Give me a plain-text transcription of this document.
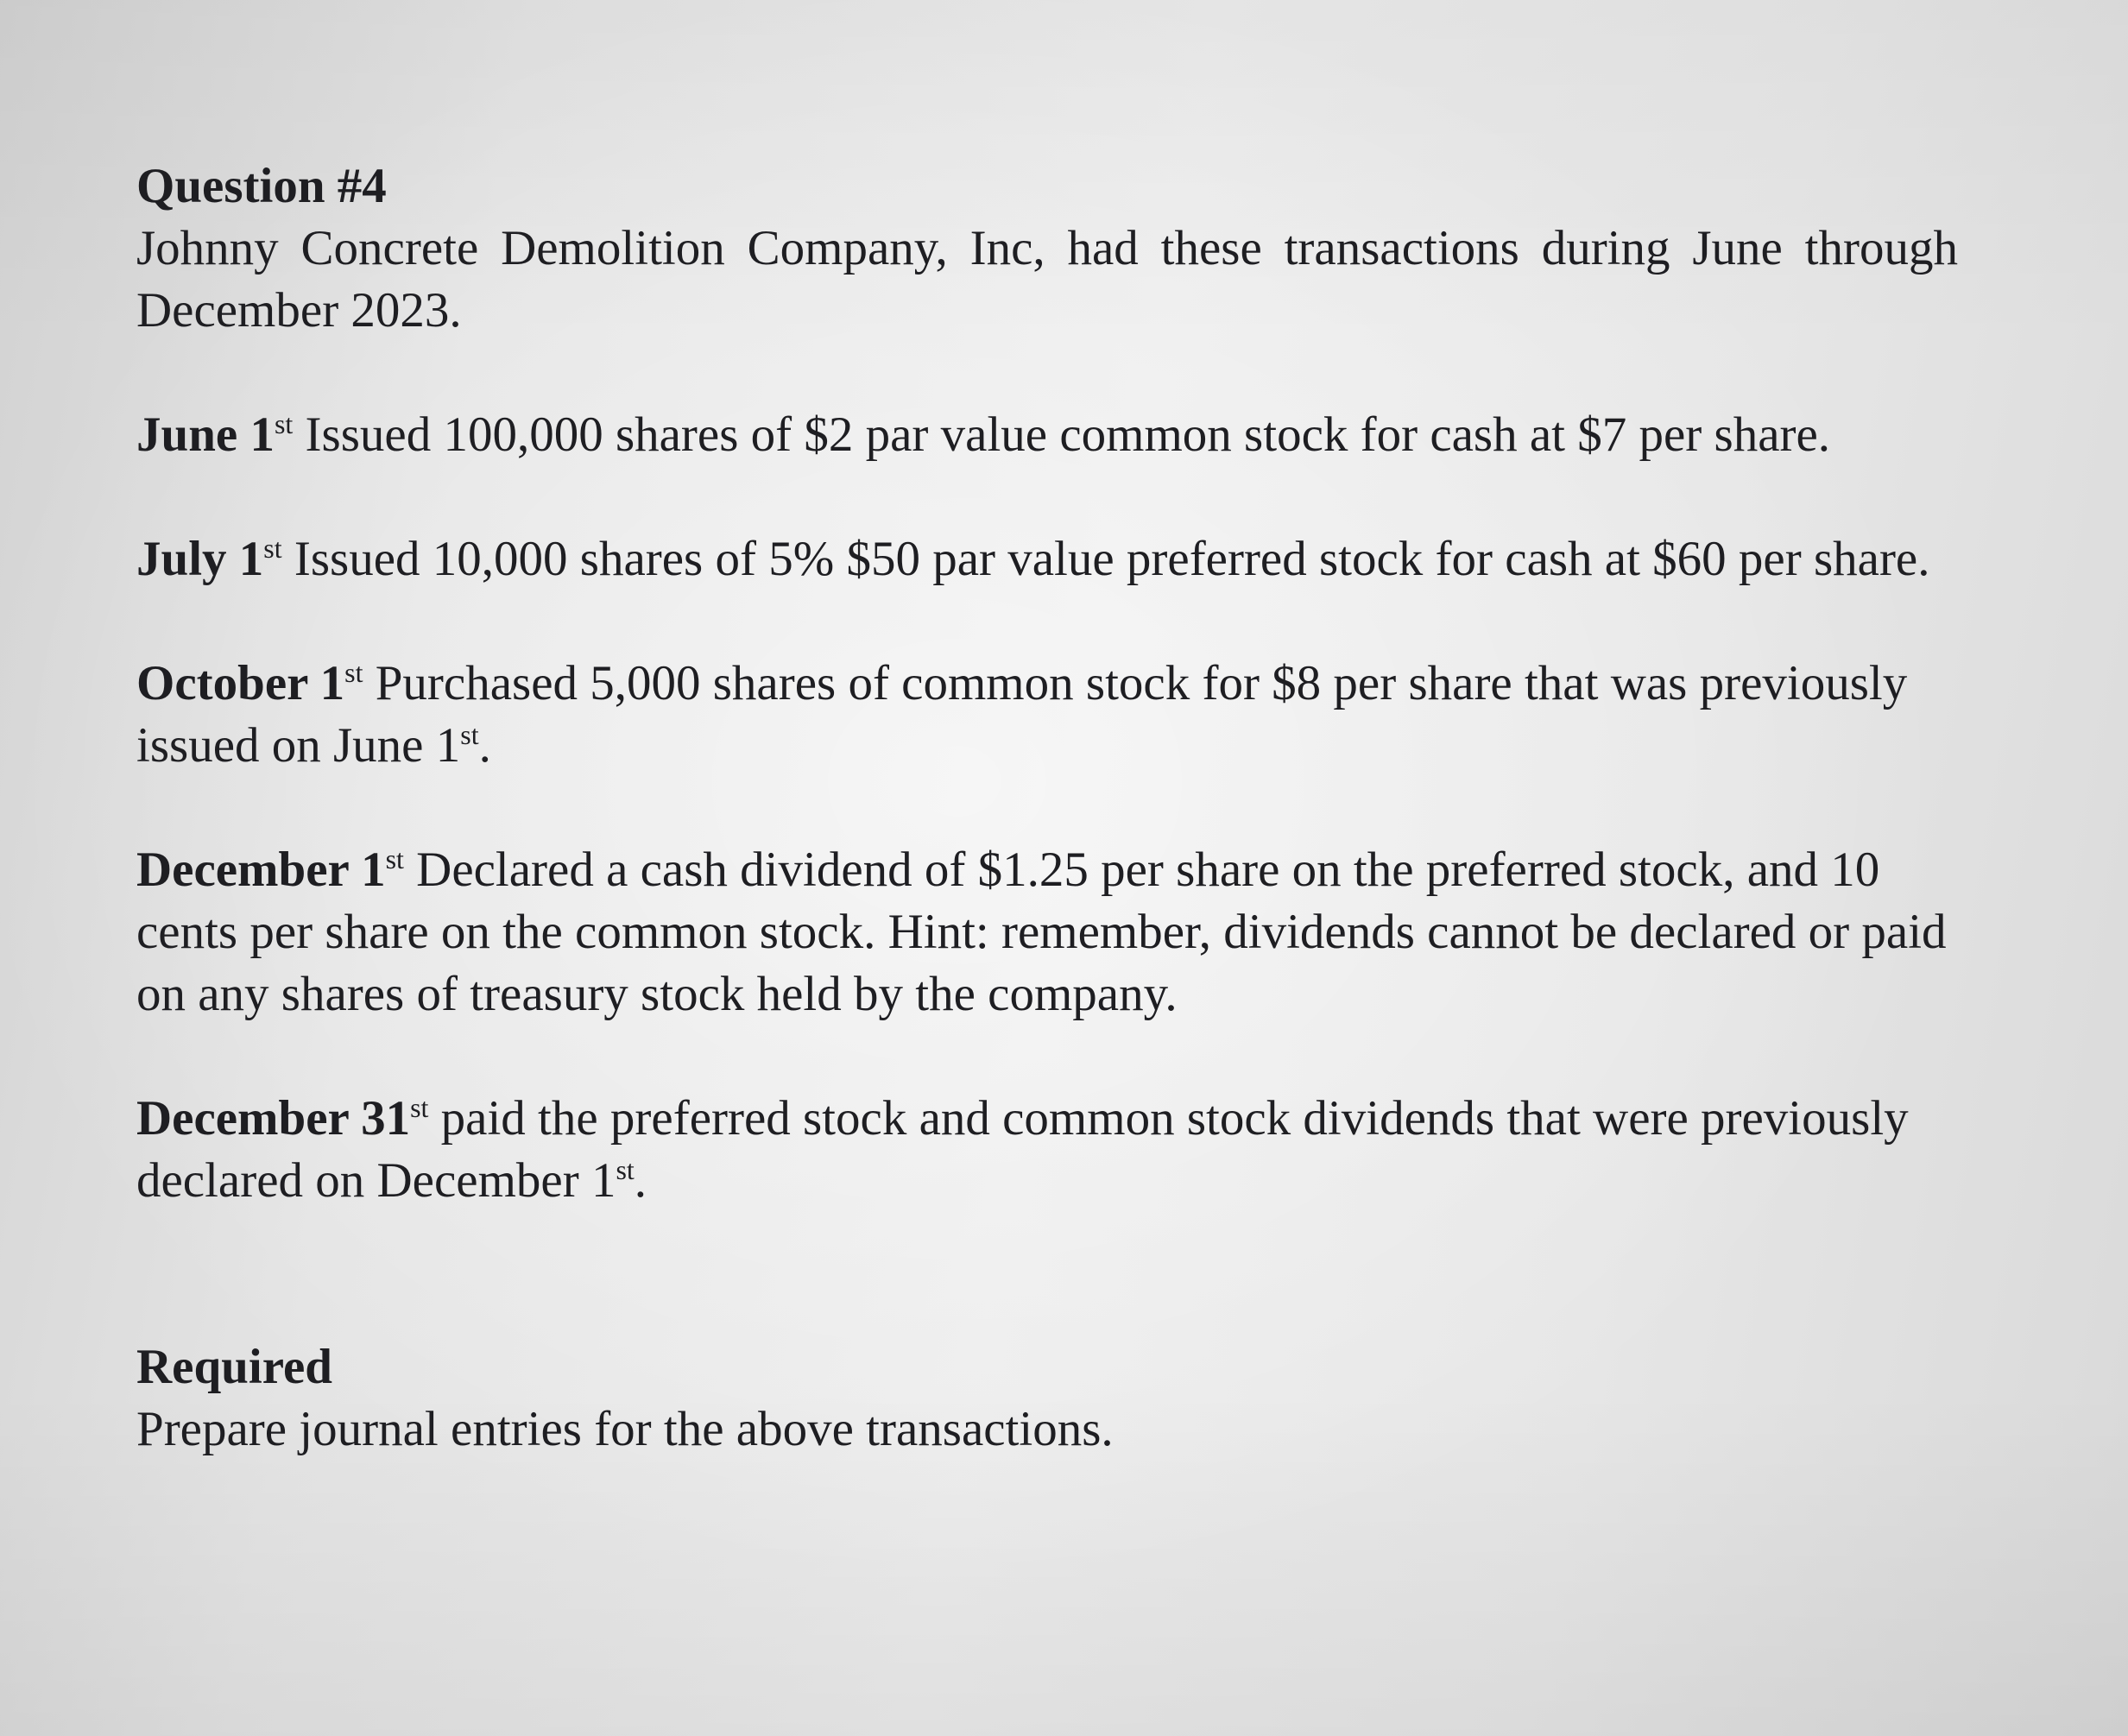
Question #4

Johnny Concrete Demolition Company, Inc, had these transactions during June through December 2023.

June 1st Issued 100,000 shares of $2 par value common stock for cash at $7 per share.

July 1st Issued 10,000 shares of 5% $50 par value preferred stock for cash at $60 per share.

October 1st Purchased 5,000 shares of common stock for $8 per share that was previously issued on June 1st.

December 1st Declared a cash dividend of $1.25 per share on the preferred stock, and 10 cents per share on the common stock. Hint: remember, dividends cannot be declared or paid on any shares of treasury stock held by the company.

December 31st paid the preferred stock and common stock dividends that were previously declared on December 1st.

Required

Prepare journal entries for the above transactions.
